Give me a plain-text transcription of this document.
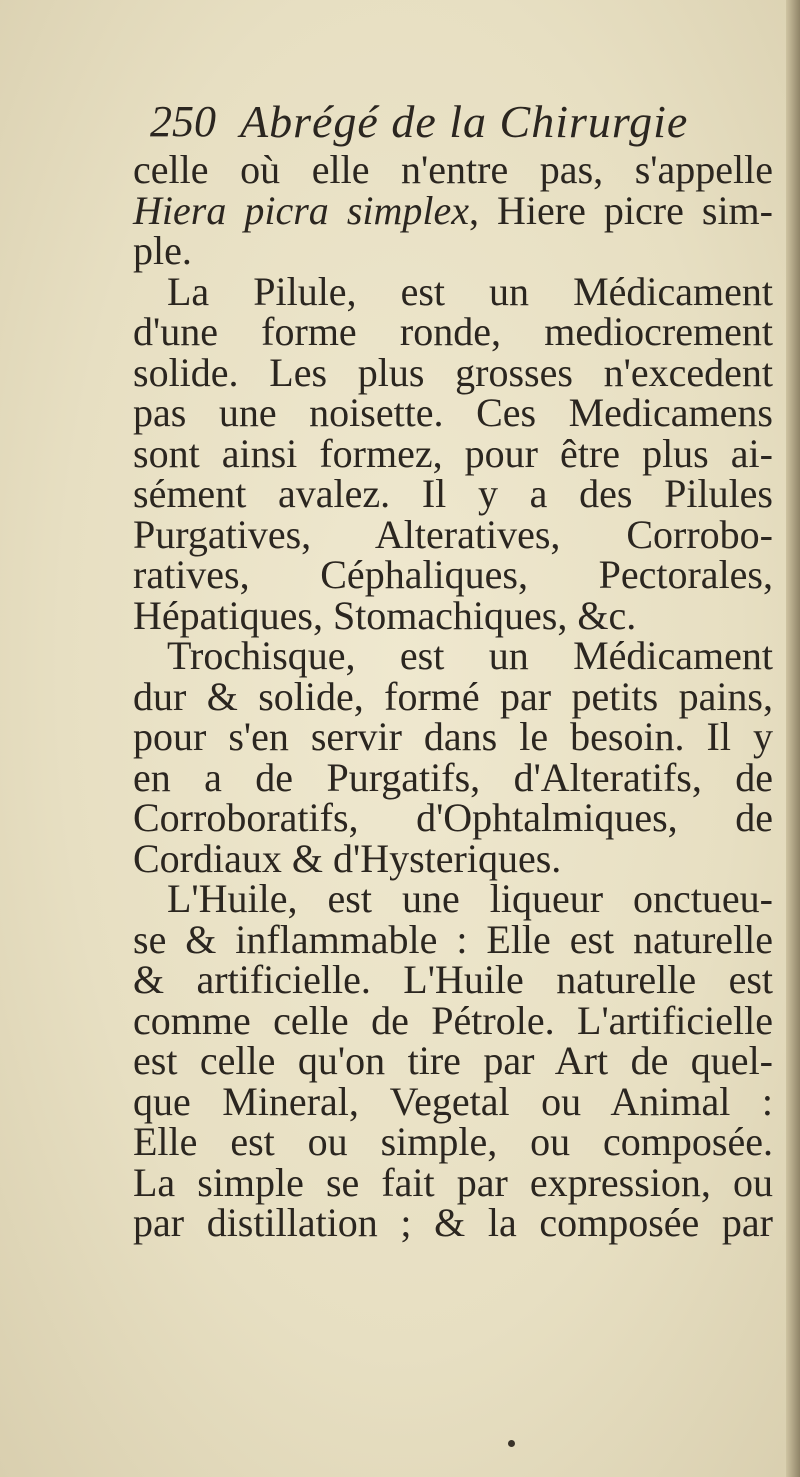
250 Abrégé de la Chirurgie
celle où elle n'entre pas, s'appelle
Hiera picra simplex, Hiere picre sim-
ple.
La Pilule, est un Médicament
d'une forme ronde, mediocrement
solide. Les plus grosses n'excedent
pas une noisette. Ces Medicamens
sont ainsi formez, pour être plus ai-
sément avalez. Il y a des Pilules
Purgatives, Alteratives, Corrobo-
ratives, Céphaliques, Pectorales,
Hépatiques, Stomachiques, &c.
Trochisque, est un Médicament
dur & solide, formé par petits pains,
pour s'en servir dans le besoin. Il y
en a de Purgatifs, d'Alteratifs, de
Corroboratifs, d'Ophtalmiques, de
Cordiaux & d'Hysteriques.
L'Huile, est une liqueur onctueu-
se & inflammable : Elle est naturelle
& artificielle. L'Huile naturelle est
comme celle de Pétrole. L'artificielle
est celle qu'on tire par Art de quel-
que Mineral, Vegetal ou Animal :
Elle est ou simple, ou composée.
La simple se fait par expression, ou
par distillation ; & la composée par
